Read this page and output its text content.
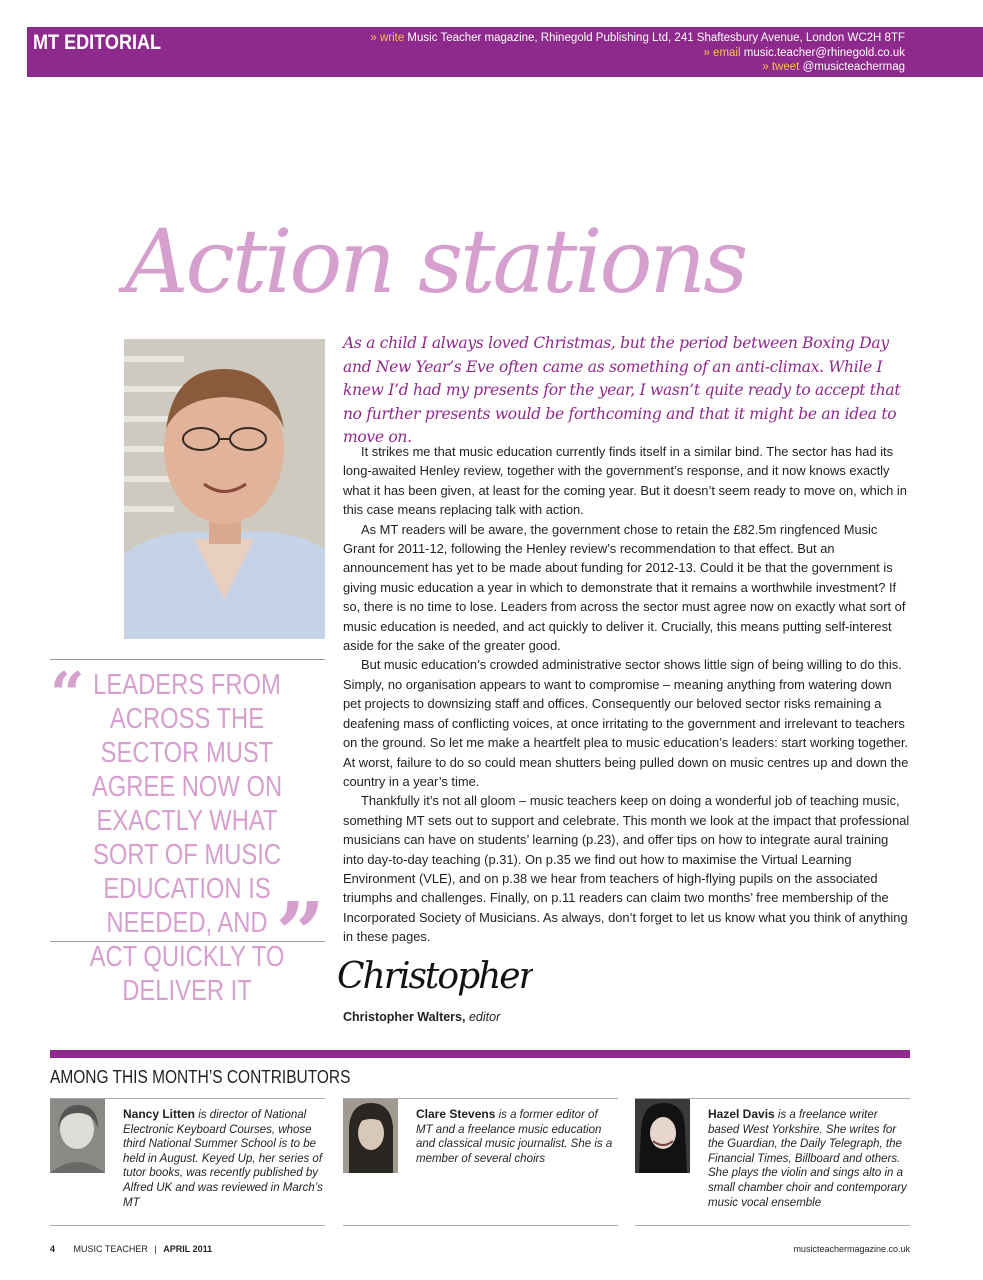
MT EDITORIAL	» write Music Teacher magazine, Rhinegold Publishing Ltd, 241 Shaftesbury Avenue, London WC2H 8TF
» email music.teacher@rhinegold.co.uk
» tweet @musicteachermag
Action stations
“ LEADERS FROM ACROSS THE SECTOR MUST AGREE NOW ON EXACTLY WHAT SORT OF MUSIC EDUCATION IS NEEDED, AND ACT QUICKLY TO DELIVER IT
”
As a child I always loved Christmas, but the period between Boxing Day and New Year’s Eve often came as something of an anti-climax. While I knew I’d had my presents for the year, I wasn’t quite ready to accept that no further presents would be forthcoming and that it might be an idea to move on.

It strikes me that music education currently finds itself in a similar bind. The sector has had its long-awaited Henley review, together with the government’s response, and it now knows exactly what it has been given, at least for the coming year. But it doesn’t seem ready to move on, which in this case means replacing talk with action.

As MT readers will be aware, the government chose to retain the £82.5m ringfenced Music Grant for 2011-12, following the Henley review’s recommendation to that effect. But an announcement has yet to be made about funding for 2012-13. Could it be that the government is giving music education a year in which to demonstrate that it remains a worthwhile investment? If so, there is no time to lose. Leaders from across the sector must agree now on exactly what sort of music education is needed, and act quickly to deliver it. Crucially, this means putting self-interest aside for the sake of the greater good.

But music education’s crowded administrative sector shows little sign of being willing to do this. Simply, no organisation appears to want to compromise – meaning anything from watering down pet projects to downsizing staff and offices. Consequently our beloved sector risks remaining a deafening mass of conflicting voices, at once irritating to the government and irrelevant to teachers on the ground. So let me make a heartfelt plea to music education’s leaders: start working together. At worst, failure to do so could mean shutters being pulled down on music centres up and down the country in a year’s time.

Thankfully it’s not all gloom – music teachers keep on doing a wonderful job of teaching music, something MT sets out to support and celebrate. This month we look at the impact that professional musicians can have on students’ learning (p.23), and offer tips on how to integrate aural training into day-to-day teaching (p.31). On p.35 we find out how to maximise the Virtual Learning Environment (VLE), and on p.38 we hear from teachers of high-flying pupils on the associated triumphs and challenges. Finally, on p.11 readers can claim two months’ free membership of the Incorporated Society of Musicians. As always, don’t forget to let us know what you think of anything in these pages.

Christopher
Christopher Walters, editor
AMONG THIS MONTH’S CONTRIBUTORS
Nancy Litten is director of National Electronic Keyboard Courses, whose third National Summer School is to be held in August. Keyed Up, her series of tutor books, was recently published by Alfred UK and was reviewed in March’s MT
Clare Stevens is a former editor of MT and a freelance music education and classical music journalist. She is a member of several choirs
Hazel Davis is a freelance writer based West Yorkshire. She writes for the Guardian, the Daily Telegraph, the Financial Times, Billboard and others. She plays the violin and sings alto in a small chamber choir and contemporary music vocal ensemble
4 MUSIC TEACHER | APRIL 2011	musicteachermagazine.co.uk
